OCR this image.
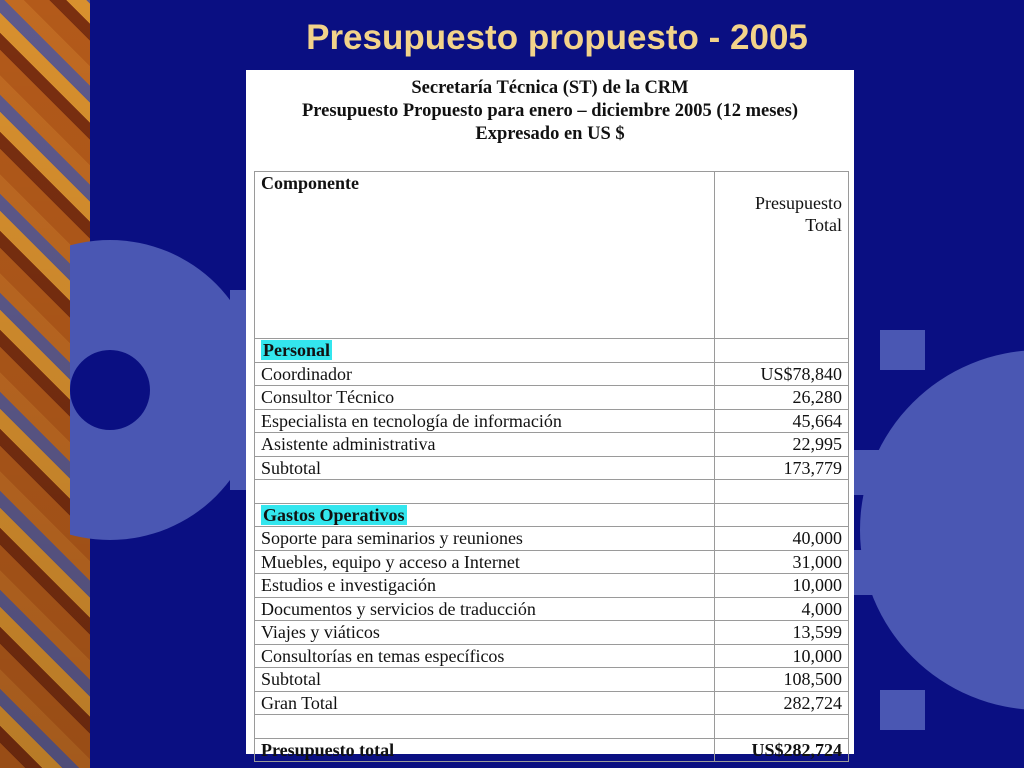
Presupuesto propuesto - 2005
Secretaría Técnica (ST) de la CRM
Presupuesto Propuesto para enero – diciembre 2005 (12 meses)
Expresado en US $
Componente	Presupuesto Total
Personal	
Coordinador	US$78,840
Consultor Técnico	26,280
Especialista en tecnología de información	45,664
Asistente administrativa	22,995
Subtotal	173,779

Gastos Operativos	
Soporte para seminarios y reuniones	40,000
Muebles, equipo y acceso a Internet	31,000
Estudios e investigación	10,000
Documentos y servicios de traducción	4,000
Viajes y viáticos	13,599
Consultorías en temas específicos	10,000
Subtotal	108,500
Gran Total	282,724

Presupuesto total	US$282,724
